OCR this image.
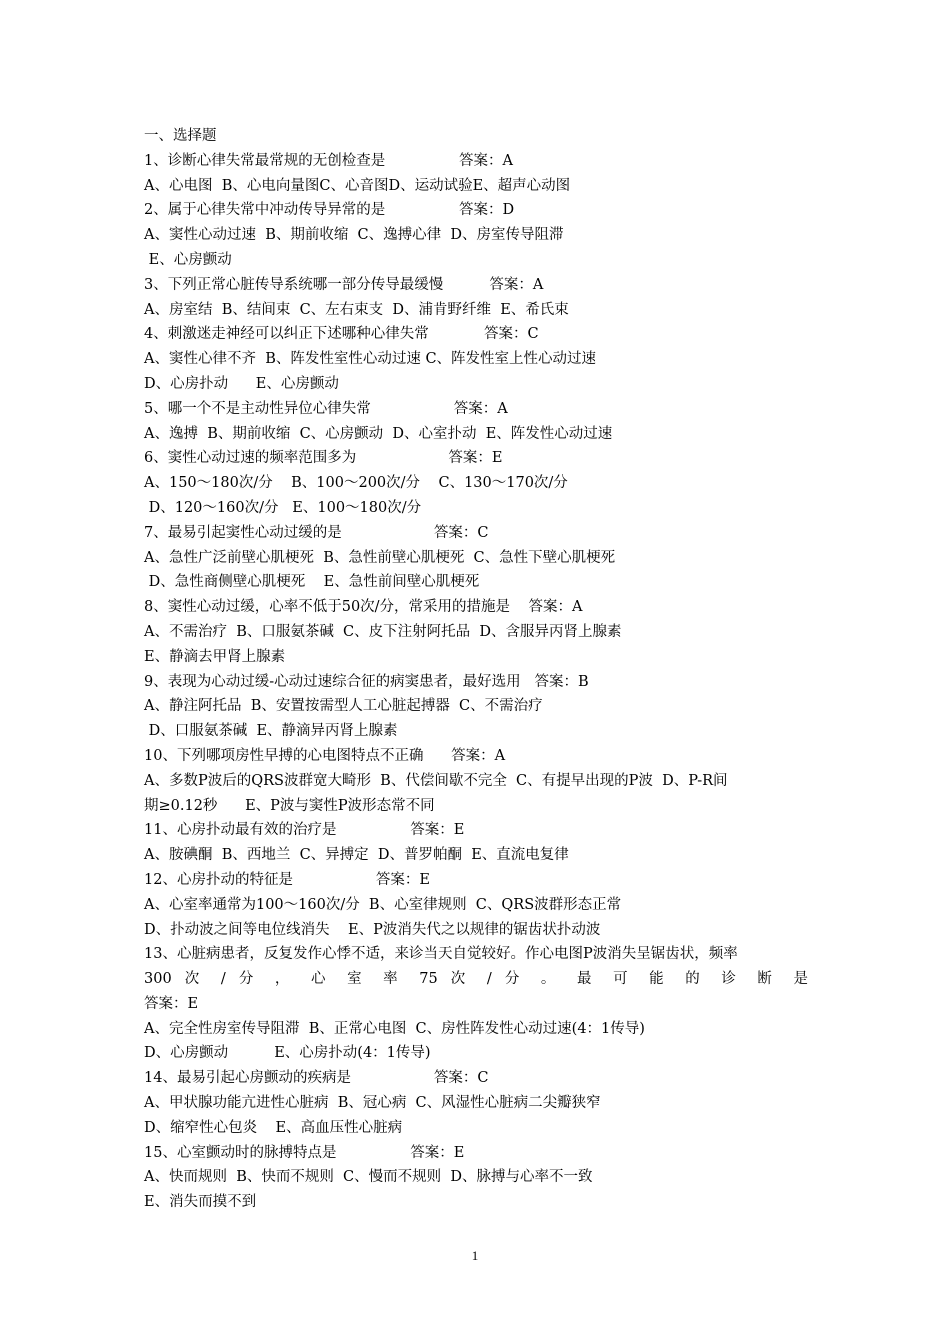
一、选择题
1、诊断心律失常最常规的无创检查是                答案：A
A、心电图  B、心电向量图C、心音图D、运动试验E、超声心动图
2、属于心律失常中冲动传导异常的是                答案：D
A、窦性心动过速  B、期前收缩  C、逸搏心律  D、房室传导阻滞
E、心房颤动
3、下列正常心脏传导系统哪一部分传导最缓慢          答案：A
A、房室结  B、结间束  C、左右束支  D、浦肯野纤维  E、希氏束
4、刺激迷走神经可以纠正下述哪种心律失常            答案：C
A、窦性心律不齐  B、阵发性室性心动过速 C、阵发性室上性心动过速
D、心房扑动      E、心房颤动
5、哪一个不是主动性异位心律失常                  答案：A
A、逸搏  B、期前收缩  C、心房颤动  D、心室扑动  E、阵发性心动过速
6、窦性心动过速的频率范围多为                    答案：E
A、150～180次/分    B、100～200次/分    C、130～170次/分
D、120～160次/分   E、100～180次/分
7、最易引起窦性心动过缓的是                    答案：C
A、急性广泛前壁心肌梗死  B、急性前壁心肌梗死  C、急性下壁心肌梗死
D、急性商侧壁心肌梗死    E、急性前间壁心肌梗死
8、窦性心动过缓，心率不低于50次/分，常采用的措施是    答案：A
A、不需治疗  B、口服氨茶碱  C、皮下注射阿托品  D、含服异丙肾上腺素
E、静滴去甲肾上腺素
9、表现为心动过缓-心动过速综合征的病窦患者，最好选用   答案：B
A、静注阿托品  B、安置按需型人工心脏起搏器  C、不需治疗
D、口服氨茶碱  E、静滴异丙肾上腺素
10、下列哪项房性早搏的心电图特点不正确      答案：A
A、多数P波后的QRS波群宽大畸形  B、代偿间歇不完全  C、有提早出现的P波  D、P-R间
期≥0.12秒      E、P波与窦性P波形态常不同
11、心房扑动最有效的治疗是                答案：E
A、胺碘酮  B、西地兰  C、异搏定  D、普罗帕酮  E、直流电复律
12、心房扑动的特征是                  答案：E
A、心室率通常为100～160次/分  B、心室律规则  C、QRS波群形态正常
D、扑动波之间等电位线消失    E、P波消失代之以规律的锯齿状扑动波
13、心脏病患者，反复发作心悸不适，来诊当天自觉较好。作心电图P波消失呈锯齿状，频率
300 次 / 分 ， 心 室 率 75 次 / 分 。 最 可 能 的 诊 断 是
答案：E
A、完全性房室传导阻滞  B、正常心电图  C、房性阵发性心动过速(4：1传导)
D、心房颤动          E、心房扑动(4：1传导)
14、最易引起心房颤动的疾病是                  答案：C
A、甲状腺功能亢进性心脏病  B、冠心病  C、风湿性心脏病二尖瓣狭窄
D、缩窄性心包炎    E、高血压性心脏病
15、心室颤动时的脉搏特点是                答案：E
A、快而规则  B、快而不规则  C、慢而不规则  D、脉搏与心率不一致
E、消失而摸不到
1
